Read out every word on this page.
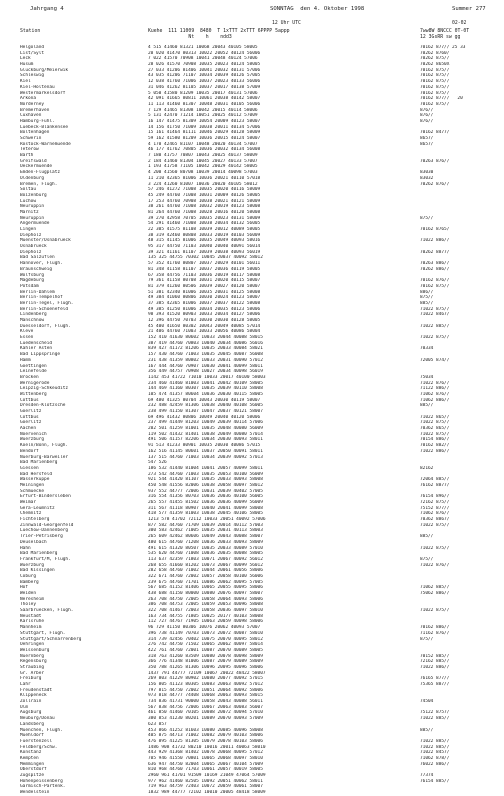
Jahrgang 4	SONNTAG  den 4. Oktober 1998	Summer 277
12 Uhr UTC	02-02
Station	Kuehe  111 11009  8480  T 1xTTT 2xTTT 6PPPP 5appp
Nt    h    ndd3
7ww8W 8NCCC 0T-0T
12 3GsRR sw gg
Helgoland	4 515 41460 81321 10068 20043 40105 58005	70162 877// 25 33
List/Sylt	20 020 41470 80313 10022 20052 40124 56006	70262 8760/
Leck	7 022 41570 70908 10041 20048 40124 57006	70262 875//
Husum	28 026 41570 70908 10035 20023 40124 58005	70262 8650X
Gluckburg/Meierwik	27 033 41206 81406 10041 20032 40131 57006	70162 875//
Schleswig	43 035 41206 71107 10034 20039 40126 57005	70162 875//
Kiel	12 038 41760 71006 10037 20023 40133 56006	70162 875//
Kiel-Holtenau	31 046 41262 81105 10037 20017 40138 57009	70162 875//
Westermarkelsdorf	5 050 41580 81209 10035 20017 40131 57006	70162 875//
Arkona	42 091 41665 80811 10061 20038 40142 58007	70162 877//   20
Norderney	11 113 41460 81307 10048 20031 40105 56006	70162 875//
Bremerhaven	7 129 41465 81308 10042 20015 40114 58006	876//
Cuxhaven	5 131 42470 71214 10051 20025 40112 57009	876//
Hamburg-Fuhl.	16 147 41475 81309 10054 20009 40123 58007	876//
Luebeck-Blankensee	14 156 41750 71009 10038 20011 40134 57006
Boltenhagen	15 161 41464 81111 10046 20029 40128 58009	70162 8477/
Schwerin	59 162 41580 81209 10036 20015 40124 58007	8657/
Rostock-Warnemuende	4 170 42465 81107 10048 20020 40134 57007	8657/
Teterow	46 177 41762 70805 10036 20032 40134 56008
Barth	7 180 41757 70807 10043 20025 40137 58009
Greifswald	2 184 41460 81304 10045 20027 40133 57007	70263 876//
Ueckermuende	1 193 41758 71105 10042 20029 40142 58005
Emden-Flugplatz	4 200 41560 80708 10039 20014 40098 57003	83030
Oldenburg	11 210 42365 81006 10036 20021 40110 57018	83032
Bremen, Flugh.	3 224 41260 81007 10036 20020 40105 58012	70262 876//
Soltau	57 246 41272 71008 10035 20020 40116 58009
Boizenburg	45 249 44760 71008 10031 20009 40126 58005
Luchow	17 253 44760 70908 10038 20021 40121 58009
Neuruppin	38 261 44760 71008 10032 20019 40123 58008
Marnitz	81 264 44760 71008 10028 20016 40120 58008
Neuruppin	39 270 42958 70705 10035 20023 40131 58009	875//
Angermuende	54 291 41460 71008 10038 20034 40132 56005
Lingen	22 305 41575 81108 10039 20012 40089 58005	70162 8765/
Diepholz	38 319 42460 80808 10033 20019 40103 56009
Muenster/Osnabrueck	48 315 41145 81006 10035 20049 40093 58016	71022 886//
Osnabrueck	95 317 44750 71103 10040 20040 40091 56014
Diepholz	39 321 41161 81107 10039 20038 40093 56019	70262 8877/
Bad Salzuflen	135 325 44755 70302 10045 20037 40092 58012
Hannover, Flugh.	57 352 41760 80807 10037 20029 40101 56011	70263 886//
Braunschweig	81 348 41158 81107 10037 20036 40119 58005	70262 886//
Wolfsburg	67 358 44756 71103 10036 20019 40117 58008
Magdeburg	79 361 41158 80708 10031 20020 40115 58007	70162 876//
Potsdam	81 379 41260 80506 10039 20027 40120 58007	70162 875//
Berlin-Dahlem	51 381 42340 81006 10035 20031 40125 58008	886//
Berlin-Tempelhof	49 384 41060 80806 10030 20024 40123 58007	875//
Berlin-Tegel, Flugh.	37 385 42365 81006 10037 20037 40122 58008	885//
Berlin-Schoenefeld	49 385 41250 81006 10034 20035 40123 58006	71022 875//
Lindenberg	98 393 41520 80903 10033 20034 40127 58006	71022 8467/
Manschnow	12 396 44750 70703 10030 20030 40128 58005
Duesseldorf, Flugh.	45 400 41650 80302 10043 20049 40085 57014	71022 885//
Kleve	21 406 44760 71003 10033 20056 40086 58004
Essen	152 410 41630 80602 10033 20044 40088 58015	71022 875//
Luedenscheid	387 419 44760 70803 10040 20034 40086 56016
Kahler Asten	839 427 41172 81206 10035 20033 40084 58021	70334
Bad Lippspringe	157 430 44760 71003 10035 20045 40087 56008
Hamm	231 438 41359 80802 10033 20031 40090 57012	72005 874//
Goettingen	167 444 44760 70907 10030 20041 40099 58011
Leinefelde	356 449 44757 70908 10027 20034 40098 56019
Brocken	1142 453 41722 71010 10033 20017 40100 58003	75034
Wernigerode	234 460 41460 81003 10041 20042 40109 58005	71022 876//
Leipzig-Schkeuditz	144 469 41160 80307 10035 20039 40110 58008	71122 886//
Wittenberg	105 474 41357 80604 10036 20030 40115 58005	71062 876//
Cottbus	69 480 41325 80704 10043 20030 40119 58007	71062 886//
Dresden-Klotzsche	232 488 42459 81306 10038 20040 40108 56005	885//
Goerlitz	238 499 41150 81307 10047 20037 40121 58007
Cottbus	69 496 41432 80806 10049 20040 40120 58006	71022 865//
Goerlitz	237 499 41449 81203 10049 20039 40114 57006	71022 875//
Aachen	202 501 41259 81001 10035 20048 40080 56009	70362 865//
Noervenich	119 502 41432 81401 10038 20049 40080 57014	71022 875//
Wuerzburg	491 506 41157 82206 10034 20030 40093 58011	70154 886//
Koeln/Bonn, Flugh.	91 513 41233 80901 10035 20030 40086 57015	70162 882//
Bendorf	162 516 41145 80601 10037 20050 40091 58011	71022 886//
Nuerburg-Barweiler	137 515 44760 71003 10034 20039 40092 57013
Bad Marienberg	547 526
Giessen	186 532 41440 81004 10041 20057 40099 58011	82162
Bad Hersfeld	273 542 44760 71003 10035 20053 40100 56009
Wasserkuppe	921 544 41420 81107 10035 20033 40093 58008	72064 885//
Meiningen	450 548 41556 82006 10038 20058 40097 58012	76162 8877/
Schmuecke	937 552 44777 72006 10031 20039 40402 57005
Erfurt-Bindersleben	316 554 41356 80703 10036 20036 40100 56005	76154 896//
Weimar	265 557 41455 81502 10036 20036 40099 56009	72162 875//
Gera-Leumnitz	311 567 41118 80907 10040 20041 40099 58008	75152 877//
Chemnitz	418 577 41359 81003 10038 20045 40106 58005	71062 876//
Fichtelberg	1213 578 41702 72112 10033 20051 40092 57006	70362 8867/
Zinnwald-Georgenfeld	877 582 44760 71709 10039 20014 40112 57003	71022 875//
Luechow-Dannenberg	300 583 42462 71005 10035 20031 40113 58003
Trier-Petrisberg	265 609 42462 80606 10049 20043 40088 58007	885//
Deuselbach	480 615 44760 71208 10036 20033 40093 58009
Hahn	491 615 41320 80507 10035 20033 40089 57010	71022 875//
Bad Marienberg	535 620 44760 71008 10036 20035 40088 58005
Frankfurt/M, Flugh.	113 637 42359 71803 10071 20067 40092 56012	875//
Wuerzburg	268 655 41660 81202 10073 20067 40099 56012	71022 876//
Bad Kissingen	282 658 44760 71002 10044 20061 40056 58006
Coburg	322 671 44760 72002 10057 20058 40100 56006
Bamberg	239 675 44760 71701 10086 20062 40095 57005
Hof	567 685 41152 81406 10065 20055 40095 58006	71062 885//
Weiden	438 688 41150 80000 10080 20076 40097 58007	75062 886//
Neresheim	263 708 44750 72005 10058 20064 40093 58006
Tholey	386 708 44753 72005 10059 20053 40096 58008
Saarbruecken, Flugh.	322 708 41467 72003 10058 20036 40097 58010	71022 875//
Neustadt	163 734 44755 71805 10025 20177 40103 58008
Karlsruhe	112 727 44767 71905 10063 20059 40098 58006
Mannheim	96 729 41150 80306 10076 20062 40093 57007	70162 886//
Stuttgart, Flugh.	396 738 41149 70703 10073 20072 40087 58010	71162 876//
Stuttgart/Schnarrenberg	314 739 42456 70402 10075 20070 40095 58012	875//
Oehringen	276 742 44750 71502 10065 20062 40097 58014
Weissenburg	422 761 44760 72001 10087 20070 40089 58005
Nuernberg	318 763 41260 83509 10080 20078 40098 58009	70152 885//
Regensburg	366 776 41348 81006 10087 20079 40089 58009	72162 885//
Straubing	350 788 41265 81306 10096 20095 40096 58006	71022 886//
Gr. Arber	1437 791 44777 72109 10067 20022 48422 58007
Freiburg	269 803 41229 80902 10080 20077 40092 57015	76165 877//
Lahr	156 805 41123 80305 10083 20063 40092 57012	75365 887//
Freudenstadt	797 815 44750 72002 10051 20064 40092 58006
Klippeneck	973 818 44777 74408 10068 20063 40093 58015
Zollrain	734 836 41731 90000 10058 20043 40088 56011	74504
Ulm	567 838 44756 72006 10067 20063 40083 56007
Augsburg	461 850 41460 70105 10088 20072 40094 57010	75122 8757/
Neuburg/Donau	380 853 41230 80201 10089 20070 40093 57009	71022 885//
Landsberg	623 857
Muenchen, Flugh.	453 866 41252 81603 10080 20085 40096 58008	885//
Muehldorf	405 875 44713 71002 10082 20079 40103 58006
Fuerstenzell	476 895 41225 81305 10079 20078 40103 58006	71022 885//
Feldberg/Schw.	1486 908 41732 80210 10016 20011 40063 58010	71022 885//
Konstanz	443 929 41368 81402 10078 20068 40095 57012	71022 8457/
Kempten	705 946 41550 70801 10065 20068 40097 58010	71062 878//
Memmingen	636 947 44750 82004 10065 20067 40104 57009	76022 886//
Oberstdorf	810 968 44760 71703 10061 20057 40019 58005
Zugspitze	2960 961 41701 91509 10169 21049 47064 57009	77374
Hohenpeissenberg	977 962 41460 82505 10092 20051 40062 58011	76154 885//
Garmisch-Partenk.	719 963 44759 72403 10072 20059 40061 58007
Wendelstein	1832 989 44777 72102 10010 20005 48418 58009
